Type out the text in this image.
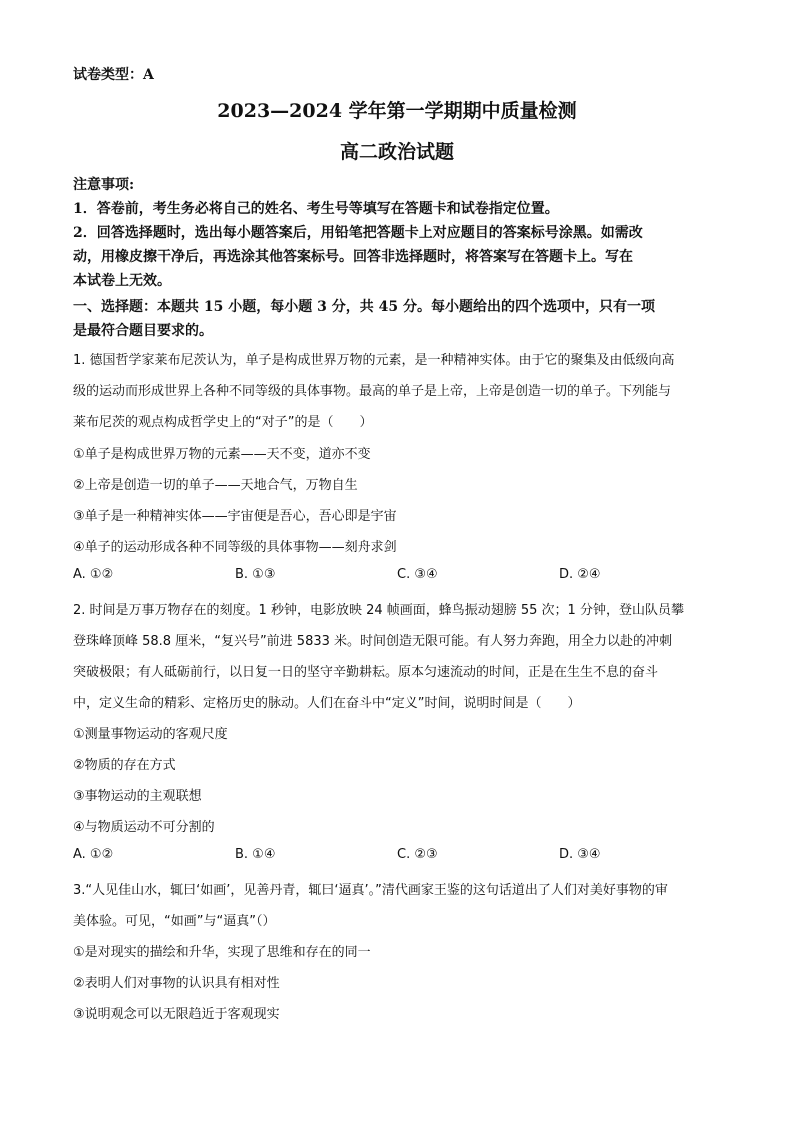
试卷类型：A
2023—2024 学年第一学期期中质量检测
高二政治试题
注意事项:
1．答卷前，考生务必将自己的姓名、考生号等填写在答题卡和试卷指定位置。
2．回答选择题时，选出每小题答案后，用铅笔把答题卡上对应题目的答案标号涂黑。如需改
动，用橡皮擦干净后，再选涂其他答案标号。回答非选择题时，将答案写在答题卡上。写在
本试卷上无效。
一、选择题：本题共 15 小题，每小题 3 分，共 45 分。每小题给出的四个选项中，只有一项
是最符合题目要求的。
1. 德国哲学家莱布尼茨认为，单子是构成世界万物的元素，是一种精神实体。由于它的聚集及由低级向高
级的运动而形成世界上各种不同等级的具体事物。最高的单子是上帝，上帝是创造一切的单子。下列能与
莱布尼茨的观点构成哲学史上的“对子”的是（　　）
①单子是构成世界万物的元素——天不变，道亦不变
②上帝是创造一切的单子——天地合气，万物自生
③单子是一种精神实体——宇宙便是吾心，吾心即是宇宙
④单子的运动形成各种不同等级的具体事物——刻舟求剑
A. ①②	B. ①③	C. ③④	D. ②④
2. 时间是万事万物存在的刻度。1 秒钟，电影放映 24 帧画面，蜂鸟振动翅膀 55 次；1 分钟，登山队员攀
登珠峰顶峰 58.8 厘米，“复兴号”前进 5833 米。时间创造无限可能。有人努力奔跑，用全力以赴的冲刺
突破极限；有人砥砺前行，以日复一日的坚守辛勤耕耘。原本匀速流动的时间，正是在生生不息的奋斗
中，定义生命的精彩、定格历史的脉动。人们在奋斗中“定义”时间，说明时间是（　　）
①测量事物运动的客观尺度
②物质的存在方式
③事物运动的主观联想
④与物质运动不可分割的
A. ①②	B. ①④	C. ②③	D. ③④
3.“人见佳山水，辄曰‘如画’，见善丹青，辄曰‘逼真’。”清代画家王鉴的这句话道出了人们对美好事物的审
美体验。可见，“如画”与“逼真”（）
①是对现实的描绘和升华，实现了思维和存在的同一
②表明人们对事物的认识具有相对性
③说明观念可以无限趋近于客观现实
